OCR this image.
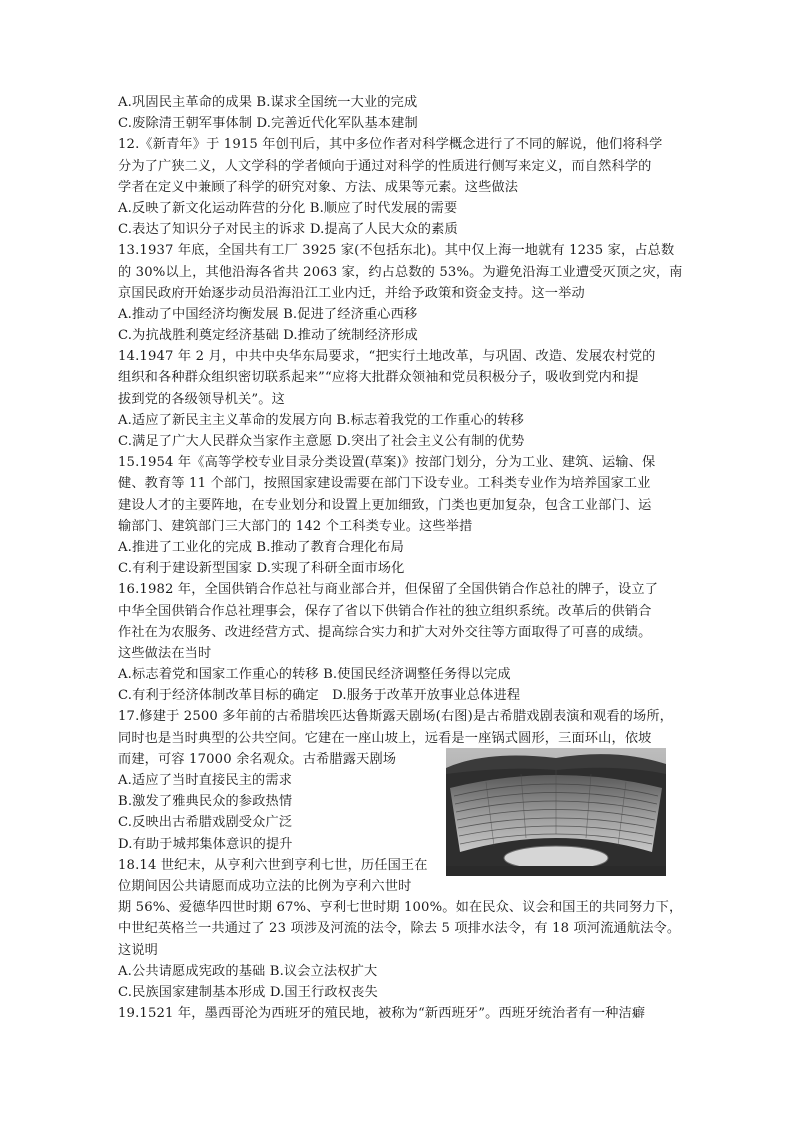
A.巩固民主革命的成果 B.谋求全国统一大业的完成
C.废除清王朝军事体制 D.完善近代化军队基本建制
12.《新青年》于 1915 年创刊后，其中多位作者对科学概念进行了不同的解说，他们将科学
分为了广狭二义，人文学科的学者倾向于通过对科学的性质进行侧写来定义，而自然科学的
学者在定义中兼顾了科学的研究对象、方法、成果等元素。这些做法
A.反映了新文化运动阵营的分化 B.顺应了时代发展的需要
C.表达了知识分子对民主的诉求 D.提高了人民大众的素质
13.1937 年底，全国共有工厂 3925 家(不包括东北)。其中仅上海一地就有 1235 家，占总数
的 30%以上，其他沿海各省共 2063 家，约占总数的 53%。为避免沿海工业遭受灭顶之灾，南
京国民政府开始逐步动员沿海沿江工业内迁，并给予政策和资金支持。这一举动
A.推动了中国经济均衡发展 B.促进了经济重心西移
C.为抗战胜利奠定经济基础 D.推动了统制经济形成
14.1947 年 2 月，中共中央华东局要求，“把实行土地改革，与巩固、改造、发展农村党的
组织和各种群众组织密切联系起来”“应将大批群众领袖和党员积极分子，吸收到党内和提
拔到党的各级领导机关”。这
A.适应了新民主主义革命的发展方向 B.标志着我党的工作重心的转移
C.满足了广大人民群众当家作主意愿 D.突出了社会主义公有制的优势
15.1954 年《高等学校专业目录分类设置(草案)》按部门划分，分为工业、建筑、运输、保
健、教育等 11 个部门，按照国家建设需要在部门下设专业。工科类专业作为培养国家工业
建设人才的主要阵地，在专业划分和设置上更加细致，门类也更加复杂，包含工业部门、运
输部门、建筑部门三大部门的 142 个工科类专业。这些举措
A.推进了工业化的完成 B.推动了教育合理化布局
C.有利于建设新型国家 D.实现了科研全面市场化
16.1982 年，全国供销合作总社与商业部合并，但保留了全国供销合作总社的牌子，设立了
中华全国供销合作总社理事会，保存了省以下供销合作社的独立组织系统。改革后的供销合
作社在为农服务、改进经营方式、提高综合实力和扩大对外交往等方面取得了可喜的成绩。
这些做法在当时
A.标志着党和国家工作重心的转移 B.使国民经济调整任务得以完成
C.有利于经济体制改革目标的确定　D.服务于改革开放事业总体进程
17.修建于 2500 多年前的古希腊埃匹达鲁斯露天剧场(右图)是古希腊戏剧表演和观看的场所，
同时也是当时典型的公共空间。它建在一座山坡上，远看是一座锅式圆形，三面环山，依坡
而建，可容 17000 余名观众。古希腊露天剧场
A.适应了当时直接民主的需求
B.激发了雅典民众的参政热情
C.反映出古希腊戏剧受众广泛
D.有助于城邦集体意识的提升
18.14 世纪末，从亨利六世到亨利七世，历任国王在
位期间因公共请愿而成功立法的比例为亨利六世时
期 56%、爱德华四世时期 67%、亨利七世时期 100%。如在民众、议会和国王的共同努力下，
中世纪英格兰一共通过了 23 项涉及河流的法令，除去 5 项排水法令，有 18 项河流通航法令。
这说明
A.公共请愿成宪政的基础 B.议会立法权扩大
C.民族国家建制基本形成 D.国王行政权丧失
19.1521 年，墨西哥沦为西班牙的殖民地，被称为“新西班牙”。西班牙统治者有一种洁癖
